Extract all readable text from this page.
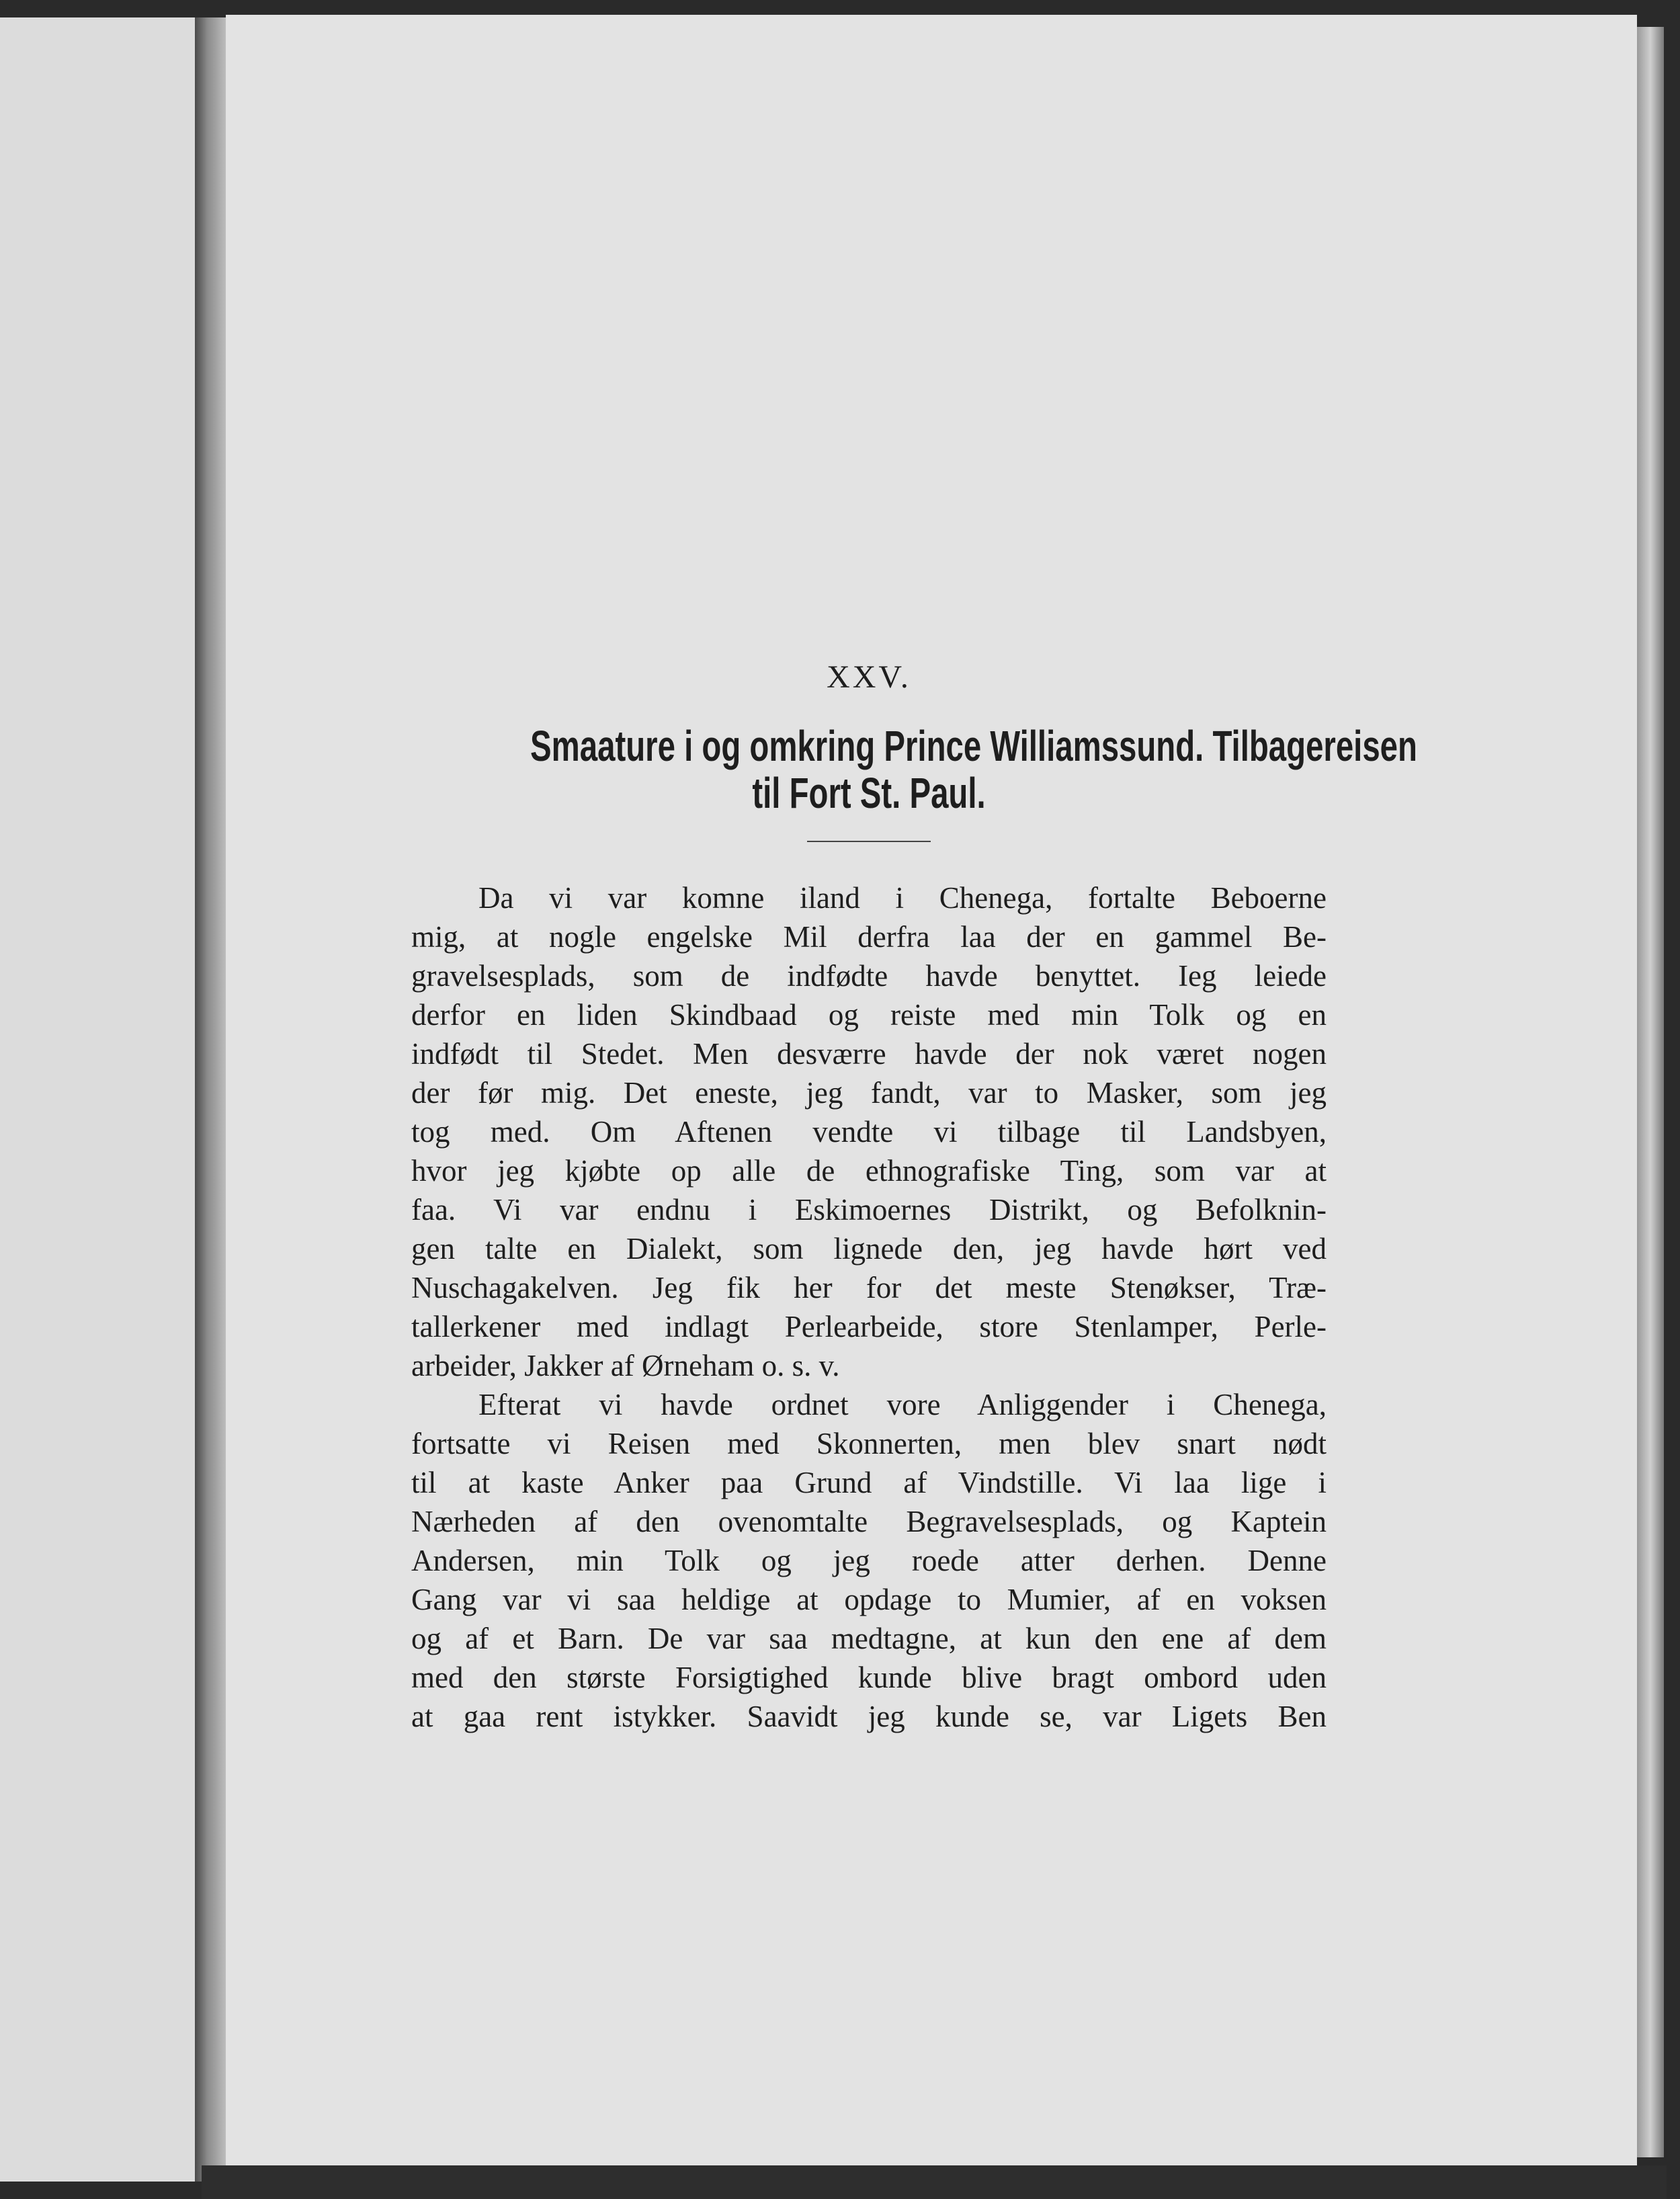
XXV.
Smaature i og omkring Prince Williamssund. Tilbagereisen
til Fort St. Paul.
Da vi var komne iland i Chenega, fortalte Beboerne
mig, at nogle engelske Mil derfra laa der en gammel Be-
gravelsesplads, som de indfødte havde benyttet. Ieg leiede
derfor en liden Skindbaad og reiste med min Tolk og en
indfødt til Stedet. Men desværre havde der nok været nogen
der før mig. Det eneste, jeg fandt, var to Masker, som jeg
tog med. Om Aftenen vendte vi tilbage til Landsbyen,
hvor jeg kjøbte op alle de ethnografiske Ting, som var at
faa. Vi var endnu i Eskimoernes Distrikt, og Befolknin-
gen talte en Dialekt, som lignede den, jeg havde hørt ved
Nuschagakelven. Jeg fik her for det meste Stenøkser, Træ-
tallerkener med indlagt Perlearbeide, store Stenlamper, Perle-
arbeider, Jakker af Ørneham o. s. v.
Efterat vi havde ordnet vore Anliggender i Chenega,
fortsatte vi Reisen med Skonnerten, men blev snart nødt
til at kaste Anker paa Grund af Vindstille. Vi laa lige i
Nærheden af den ovenomtalte Begravelsesplads, og Kaptein
Andersen, min Tolk og jeg roede atter derhen. Denne
Gang var vi saa heldige at opdage to Mumier, af en voksen
og af et Barn. De var saa medtagne, at kun den ene af dem
med den største Forsigtighed kunde blive bragt ombord uden
at gaa rent istykker. Saavidt jeg kunde se, var Ligets Ben
